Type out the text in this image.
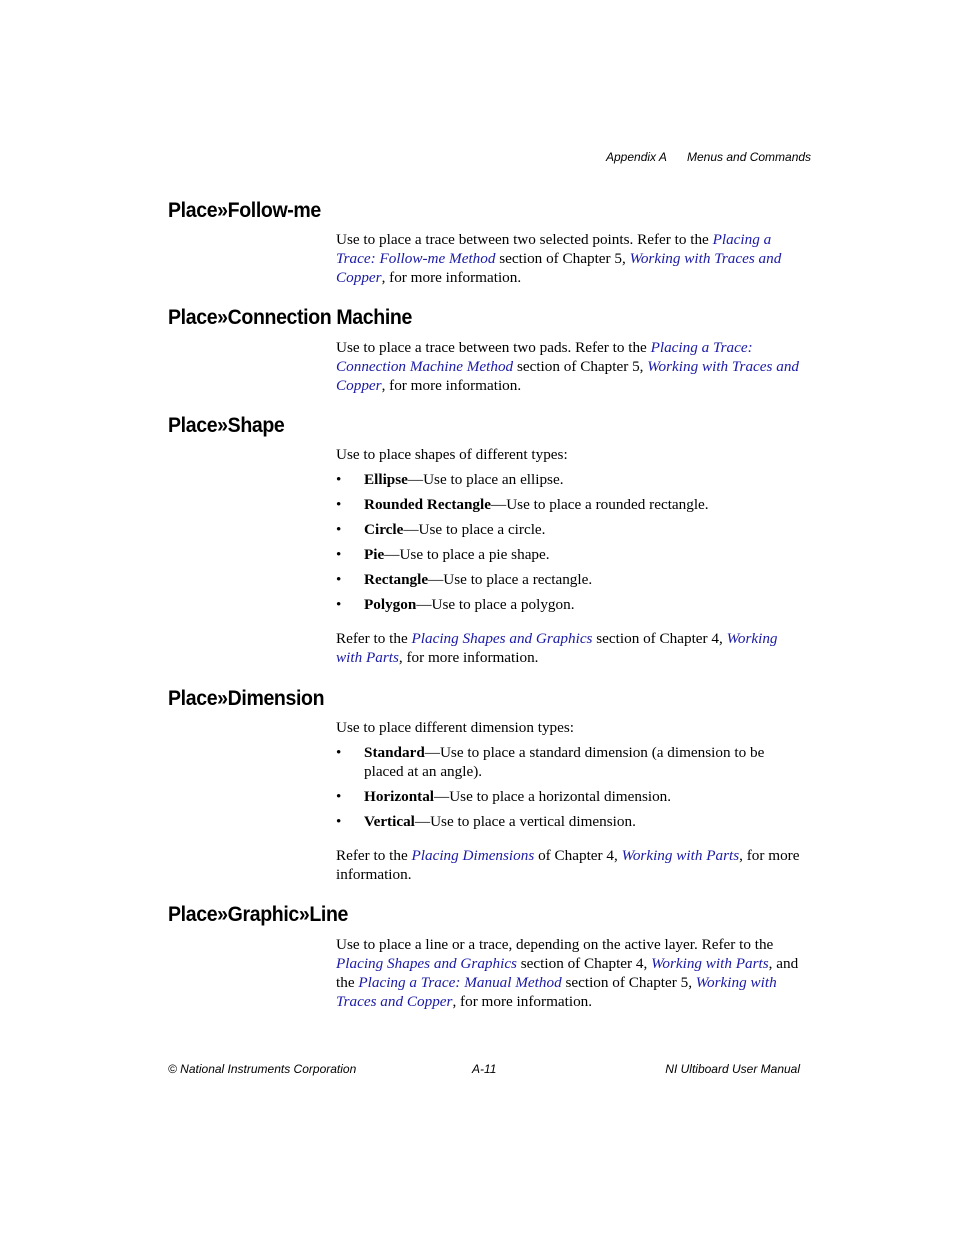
Appendix A Menus and Commands
Place»Follow-me

Use to place a trace between two selected points. Refer to the Placing a Trace: Follow-me Method section of Chapter 5, Working with Traces and Copper, for more information.

Place»Connection Machine

Use to place a trace between two pads. Refer to the Placing a Trace: Connection Machine Method section of Chapter 5, Working with Traces and Copper, for more information.

Place»Shape

Use to place shapes of different types:

• Ellipse—Use to place an ellipse.
• Rounded Rectangle—Use to place a rounded rectangle.
• Circle—Use to place a circle.
• Pie—Use to place a pie shape.
• Rectangle—Use to place a rectangle.
• Polygon—Use to place a polygon.

Refer to the Placing Shapes and Graphics section of Chapter 4, Working with Parts, for more information.

Place»Dimension

Use to place different dimension types:

• Standard—Use to place a standard dimension (a dimension to be placed at an angle).
• Horizontal—Use to place a horizontal dimension.
• Vertical—Use to place a vertical dimension.

Refer to the Placing Dimensions of Chapter 4, Working with Parts, for more information.

Place»Graphic»Line

Use to place a line or a trace, depending on the active layer. Refer to the Placing Shapes and Graphics section of Chapter 4, Working with Parts, and the Placing a Trace: Manual Method section of Chapter 5, Working with Traces and Copper, for more information.

© National Instruments Corporation	A-11	NI Ultiboard User Manual
